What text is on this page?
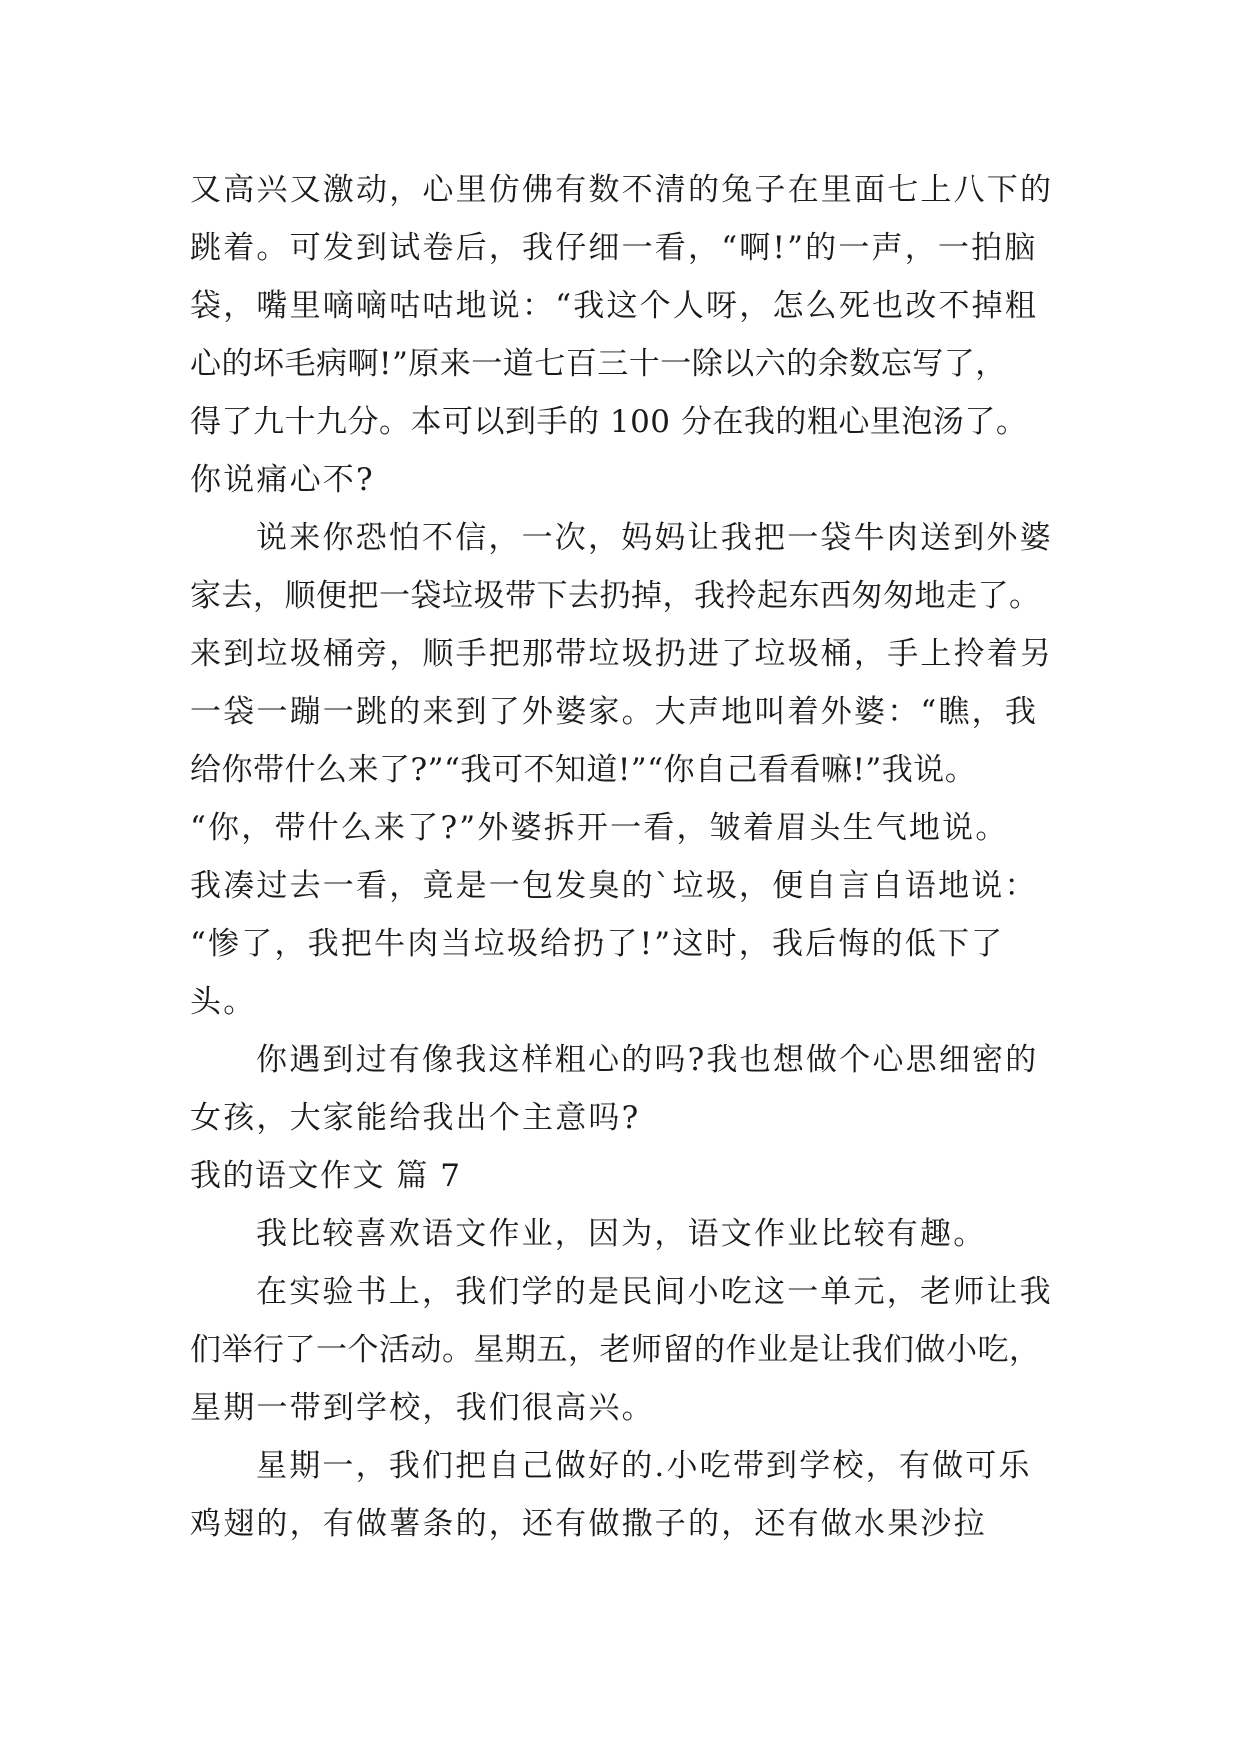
又高兴又激动，心里仿佛有数不清的兔子在里面七上八下的
跳着。可发到试卷后，我仔细一看，“啊!”的一声，一拍脑
袋，嘴里嘀嘀咕咕地说：“我这个人呀，怎么死也改不掉粗
心的坏毛病啊!”原来一道七百三十一除以六的余数忘写了，
得了九十九分。本可以到手的 100 分在我的粗心里泡汤了。
你说痛心不?
说来你恐怕不信，一次，妈妈让我把一袋牛肉送到外婆
家去，顺便把一袋垃圾带下去扔掉，我拎起东西匆匆地走了。
来到垃圾桶旁，顺手把那带垃圾扔进了垃圾桶，手上拎着另
一袋一蹦一跳的来到了外婆家。大声地叫着外婆：“瞧，我
给你带什么来了?”“我可不知道!”“你自己看看嘛!”我说。
“你，带什么来了?”外婆拆开一看，皱着眉头生气地说。
我凑过去一看，竟是一包发臭的`垃圾，便自言自语地说：
“惨了，我把牛肉当垃圾给扔了!”这时，我后悔的低下了
头。
你遇到过有像我这样粗心的吗?我也想做个心思细密的
女孩，大家能给我出个主意吗?
我的语文作文 篇 7
我比较喜欢语文作业，因为，语文作业比较有趣。
在实验书上，我们学的是民间小吃这一单元，老师让我
们举行了一个活动。星期五，老师留的作业是让我们做小吃，
星期一带到学校，我们很高兴。
星期一，我们把自己做好的.小吃带到学校，有做可乐
鸡翅的，有做薯条的，还有做撒子的，还有做水果沙拉
